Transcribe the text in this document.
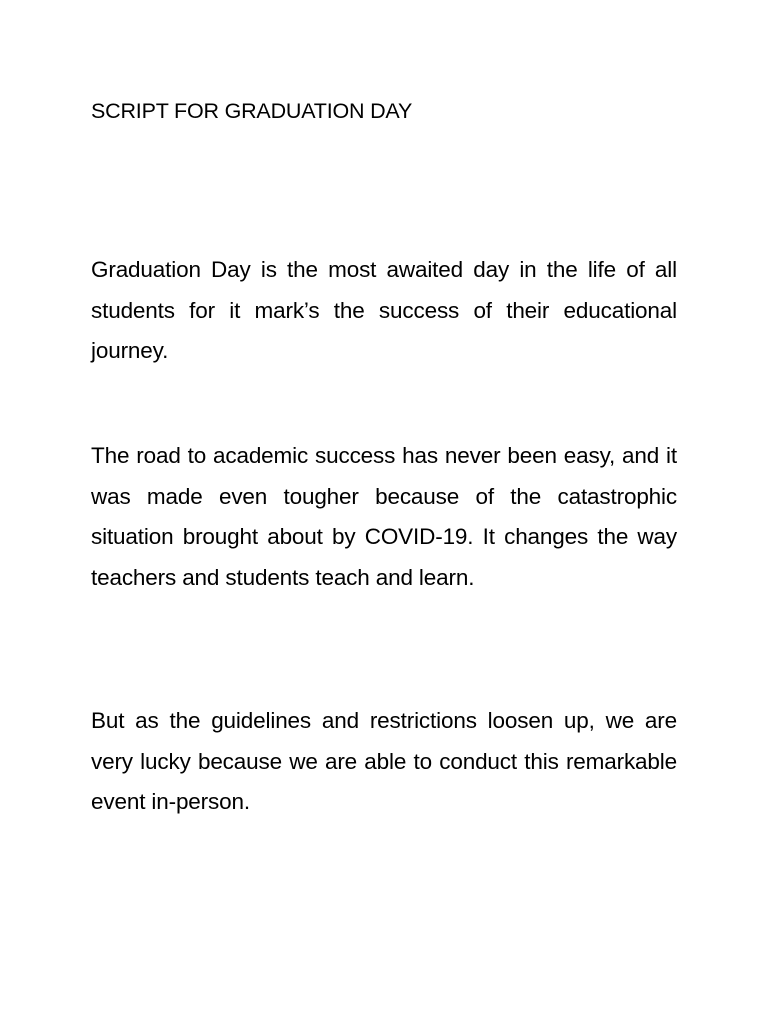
SCRIPT FOR GRADUATION DAY

Graduation Day is the most awaited day in the life of all students for it mark’s the success of their educational journey.

The road to academic success has never been easy, and it was made even tougher because of the catastrophic situation brought about by COVID-19. It changes the way teachers and students teach and learn.

But as the guidelines and restrictions loosen up, we are very lucky because we are able to conduct this remarkable event in-person.
